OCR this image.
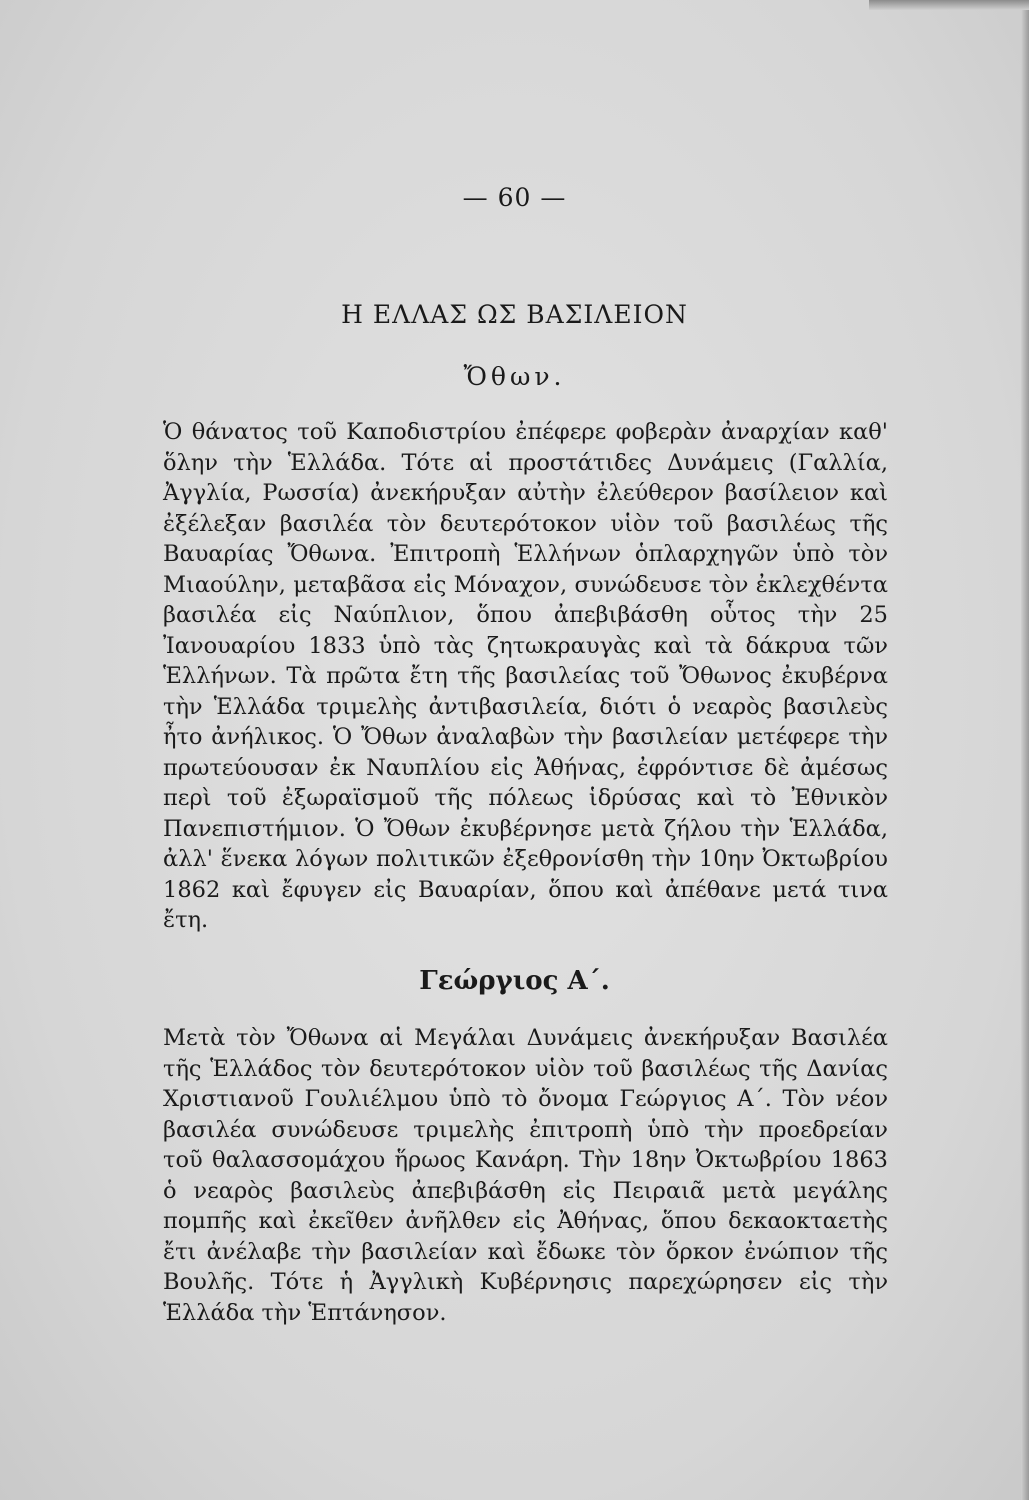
— 60 —
Η ΕΛΛΑΣ ΩΣ ΒΑΣΙΛΕΙΟΝ
Ὄθων.
Ὁ θάνατος τοῦ Καποδιστρίου ἐπέφερε φοβερὰν ἀναρχίαν καθ' ὅλην τὴν Ἑλλάδα. Τότε αἱ προστάτιδες Δυνάμεις (Γαλλία, Ἀγγλία, Ρωσσία) ἀνεκήρυξαν αὐτὴν ἐλεύθερον βασίλειον καὶ ἐξέλεξαν βασιλέα τὸν δευτερότοκον υἱὸν τοῦ βασιλέως τῆς Βαυαρίας Ὄθωνα. Ἐπιτροπὴ Ἑλλήνων ὁπλαρχηγῶν ὑπὸ τὸν Μιαούλην, μεταβᾶσα εἰς Μόναχον, συνώδευσε τὸν ἐκλεχθέντα βασιλέα εἰς Ναύπλιον, ὅπου ἀπεβιβάσθη οὗτος τὴν 25 Ἰανουαρίου 1833 ὑπὸ τὰς ζητωκραυγὰς καὶ τὰ δάκρυα τῶν Ἑλλήνων. Τὰ πρῶτα ἔτη τῆς βασιλείας τοῦ Ὄθωνος ἐκυβέρνα τὴν Ἑλλάδα τριμελὴς ἀντιβασιλεία, διότι ὁ νεαρὸς βασιλεὺς ἦτο ἀνήλικος. Ὁ Ὄθων ἀναλαβὼν τὴν βασιλείαν μετέφερε τὴν πρωτεύουσαν ἐκ Ναυπλίου εἰς Ἀθήνας, ἐφρόντισε δὲ ἀμέσως περὶ τοῦ ἐξωραϊσμοῦ τῆς πόλεως ἱδρύσας καὶ τὸ Ἐθνικὸν Πανεπιστήμιον. Ὁ Ὄθων ἐκυβέρνησε μετὰ ζήλου τὴν Ἑλλάδα, ἀλλ' ἕνεκα λόγων πολιτικῶν ἐξεθρονίσθη τὴν 10ην Ὀκτωβρίου 1862 καὶ ἔφυγεν εἰς Βαυαρίαν, ὅπου καὶ ἀπέθανε μετά τινα ἔτη.
Γεώργιος Α΄.
Μετὰ τὸν Ὄθωνα αἱ Μεγάλαι Δυνάμεις ἀνεκήρυξαν Βασιλέα τῆς Ἑλλάδος τὸν δευτερότοκον υἱὸν τοῦ βασιλέως τῆς Δανίας Χριστιανοῦ Γουλιέλμου ὑπὸ τὸ ὄνομα Γεώργιος Α΄. Τὸν νέον βασιλέα συνώδευσε τριμελὴς ἐπιτροπὴ ὑπὸ τὴν προεδρείαν τοῦ θαλασσομάχου ἥρωος Κανάρη. Τὴν 18ην Ὀκτωβρίου 1863 ὁ νεαρὸς βασιλεὺς ἀπεβιβάσθη εἰς Πειραιᾶ μετὰ μεγάλης πομπῆς καὶ ἐκεῖθεν ἀνῆλθεν εἰς Ἀθήνας, ὅπου δεκαοκταετὴς ἔτι ἀνέλαβε τὴν βασιλείαν καὶ ἔδωκε τὸν ὅρκον ἐνώπιον τῆς Βουλῆς. Τότε ἡ Ἀγγλικὴ Κυβέρνησις παρεχώρησεν εἰς τὴν Ἑλλάδα τὴν Ἑπτάνησον.
